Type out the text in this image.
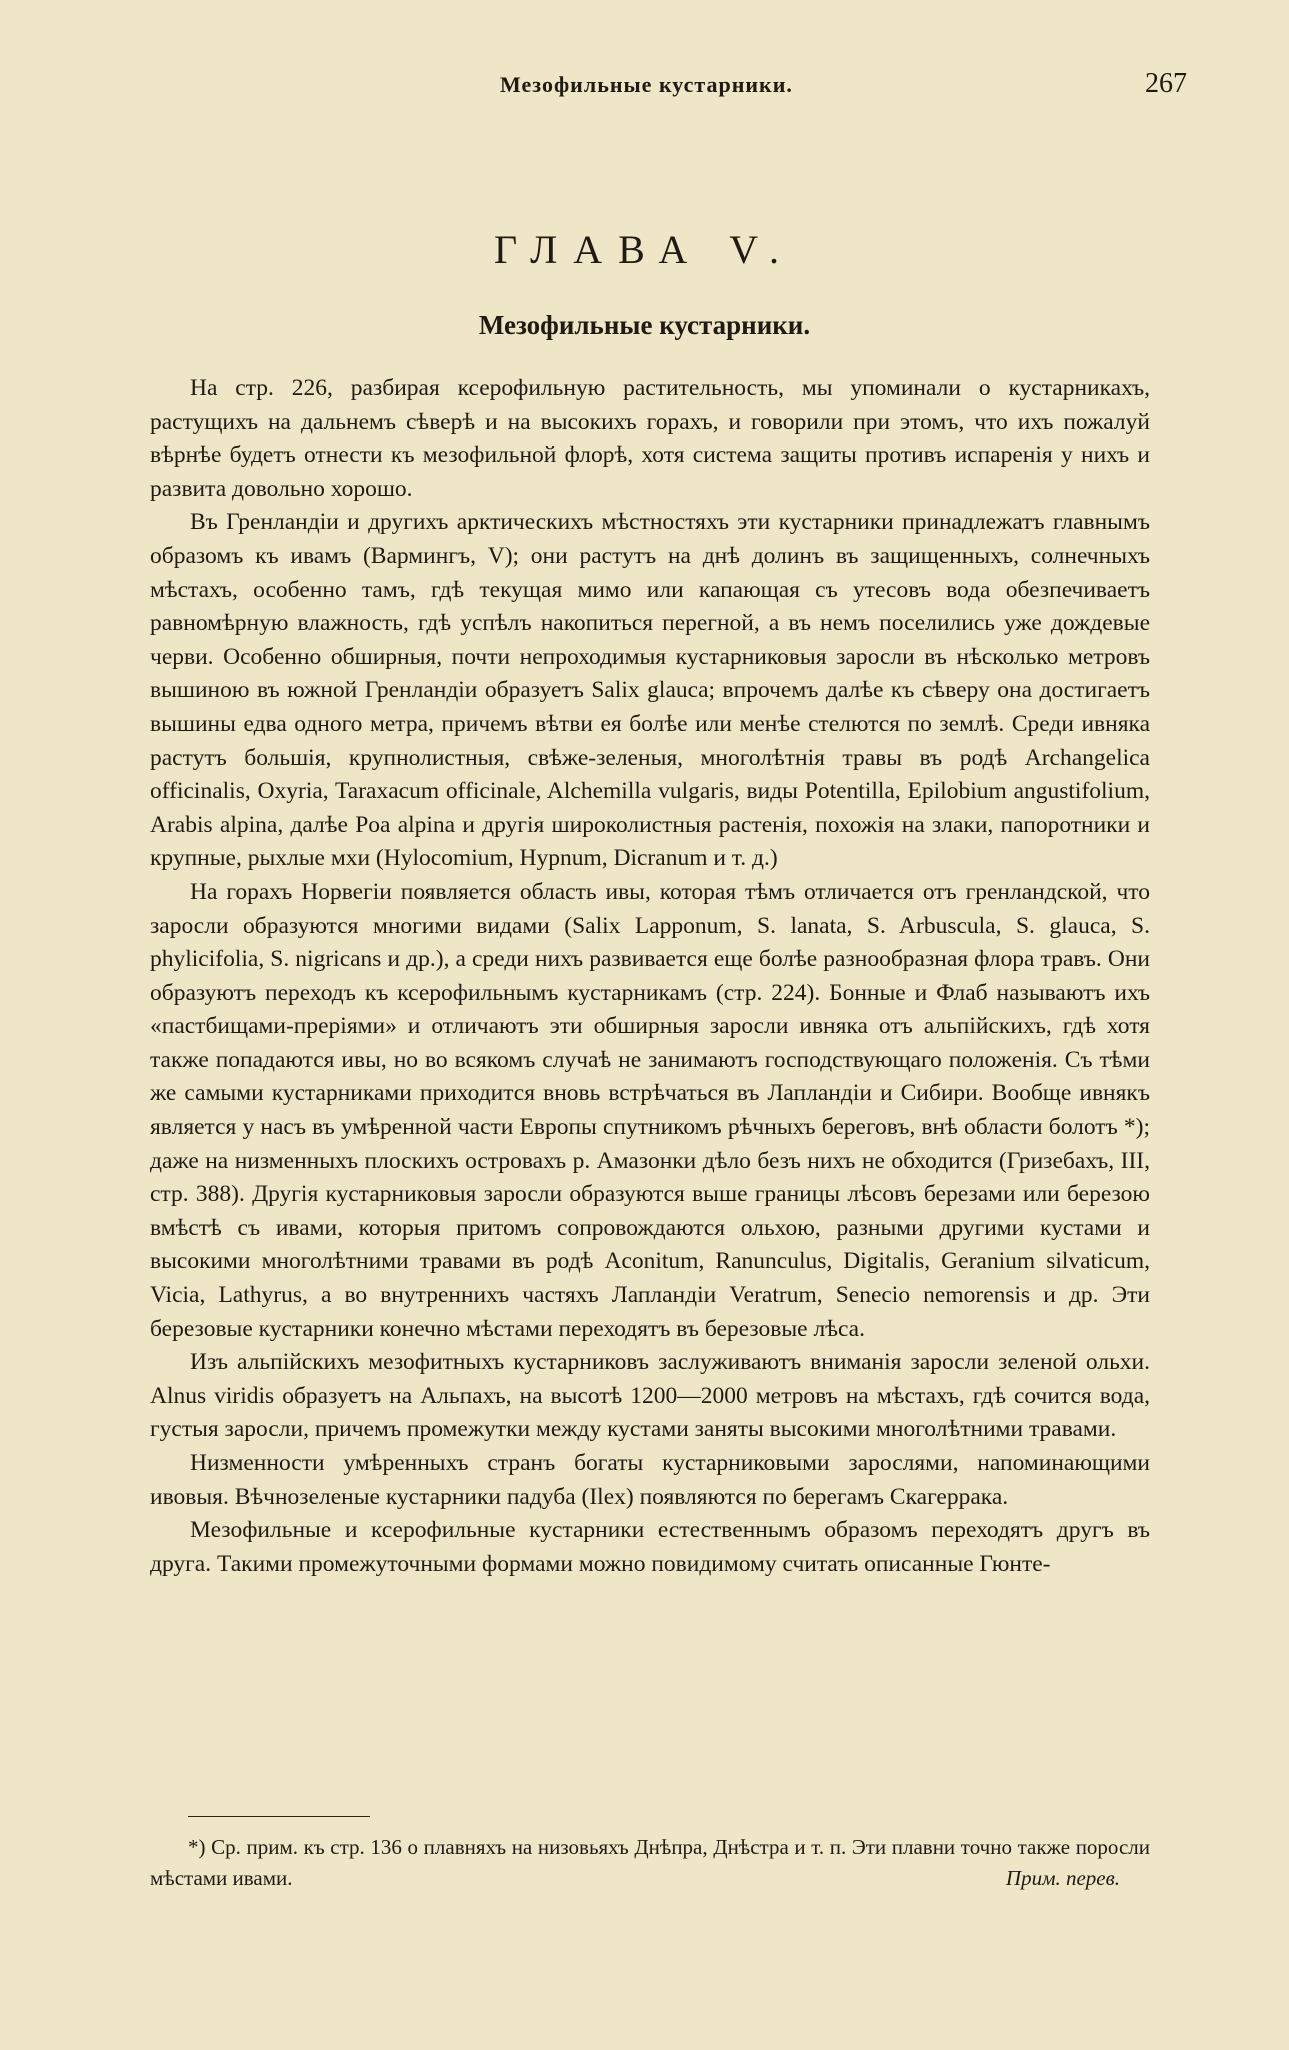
Мезофильные кустарники.	267
ГЛАВА V.
Мезофильные кустарники.

На стр. 226, разбирая ксерофильную растительность, мы упоминали о кустарникахъ, растущихъ на дальнемъ сѣверѣ и на высокихъ горахъ, и говорили при этомъ, что ихъ пожалуй вѣрнѣе будетъ отнести къ мезофильной флорѣ, хотя система защиты противъ испаренія у нихъ и развита довольно хорошо.

Въ Гренландіи и другихъ арктическихъ мѣстностяхъ эти кустарники принадлежатъ главнымъ образомъ къ ивамъ (Вармингъ, V); они растутъ на днѣ долинъ въ защищенныхъ, солнечныхъ мѣстахъ, особенно тамъ, гдѣ текущая мимо или капающая съ утесовъ вода обезпечиваетъ равномѣрную влажность, гдѣ успѣлъ накопиться перегной, а въ немъ поселились уже дождевые черви. Особенно обширныя, почти непроходимыя кустарниковыя заросли въ нѣсколько метровъ вышиною въ южной Гренландіи образуетъ Salix glauca; впрочемъ далѣе къ сѣверу она достигаетъ вышины едва одного метра, причемъ вѣтви ея болѣе или менѣе стелются по землѣ. Среди ивняка растутъ большія, крупнолистныя, свѣже-зеленыя, многолѣтнія травы въ родѣ Archangelica officinalis, Oxyria, Taraxacum officinale, Alchemilla vulgaris, виды Potentilla, Epilobium angustifolium, Arabis alpina, далѣе Poa alpina и другія широколистныя растенія, похожія на злаки, папоротники и крупные, рыхлые мхи (Hylocomium, Hypnum, Dicranum и т. д.)

На горахъ Норвегіи появляется область ивы, которая тѣмъ отличается отъ гренландской, что заросли образуются многими видами (Salix Lapponum, S. lanata, S. Arbuscula, S. glauca, S. phylicifolia, S. nigricans и др.), а среди нихъ развивается еще болѣе разнообразная флора травъ. Они образуютъ переходъ къ ксерофильнымъ кустарникамъ (стр. 224). Бонные и Флаб называютъ ихъ «пастбищами-преріями» и отличаютъ эти обширныя заросли ивняка отъ альпійскихъ, гдѣ хотя также попадаются ивы, но во всякомъ случаѣ не занимаютъ господствующаго положенія. Съ тѣми же самыми кустарниками приходится вновь встрѣчаться въ Лапландіи и Сибири. Вообще ивнякъ является у насъ въ умѣренной части Европы спутникомъ рѣчныхъ береговъ, внѣ области болотъ *); даже на низменныхъ плоскихъ островахъ р. Амазонки дѣло безъ нихъ не обходится (Гризебахъ, III, стр. 388). Другія кустарниковыя заросли образуются выше границы лѣсовъ березами или березою вмѣстѣ съ ивами, которыя притомъ сопровождаются ольхою, разными другими кустами и высокими многолѣтними травами въ родѣ Aconitum, Ranunculus, Digitalis, Geranium silvaticum, Vicia, Lathyrus, а во внутреннихъ частяхъ Лапландіи Veratrum, Senecio nemorensis и др. Эти березовые кустарники конечно мѣстами переходятъ въ березовые лѣса.

Изъ альпійскихъ мезофитныхъ кустарниковъ заслуживаютъ вниманія заросли зеленой ольхи. Alnus viridis образуетъ на Альпахъ, на высотѣ 1200—2000 метровъ на мѣстахъ, гдѣ сочится вода, густыя заросли, причемъ промежутки между кустами заняты высокими многолѣтними травами.

Низменности умѣренныхъ странъ богаты кустарниковыми зарослями, напоминающими ивовыя. Вѣчнозеленые кустарники падуба (Ilex) появляются по берегамъ Скагеррака.

Мезофильные и ксерофильные кустарники естественнымъ образомъ переходятъ другъ въ друга. Такими промежуточными формами можно повидимому считать описанные Гюнте-

*) Ср. прим. къ стр. 136 о плавняхъ на низовьяхъ Днѣпра, Днѣстра и т. п. Эти плавни точно также поросли мѣстами ивами.	Прим. перев.
